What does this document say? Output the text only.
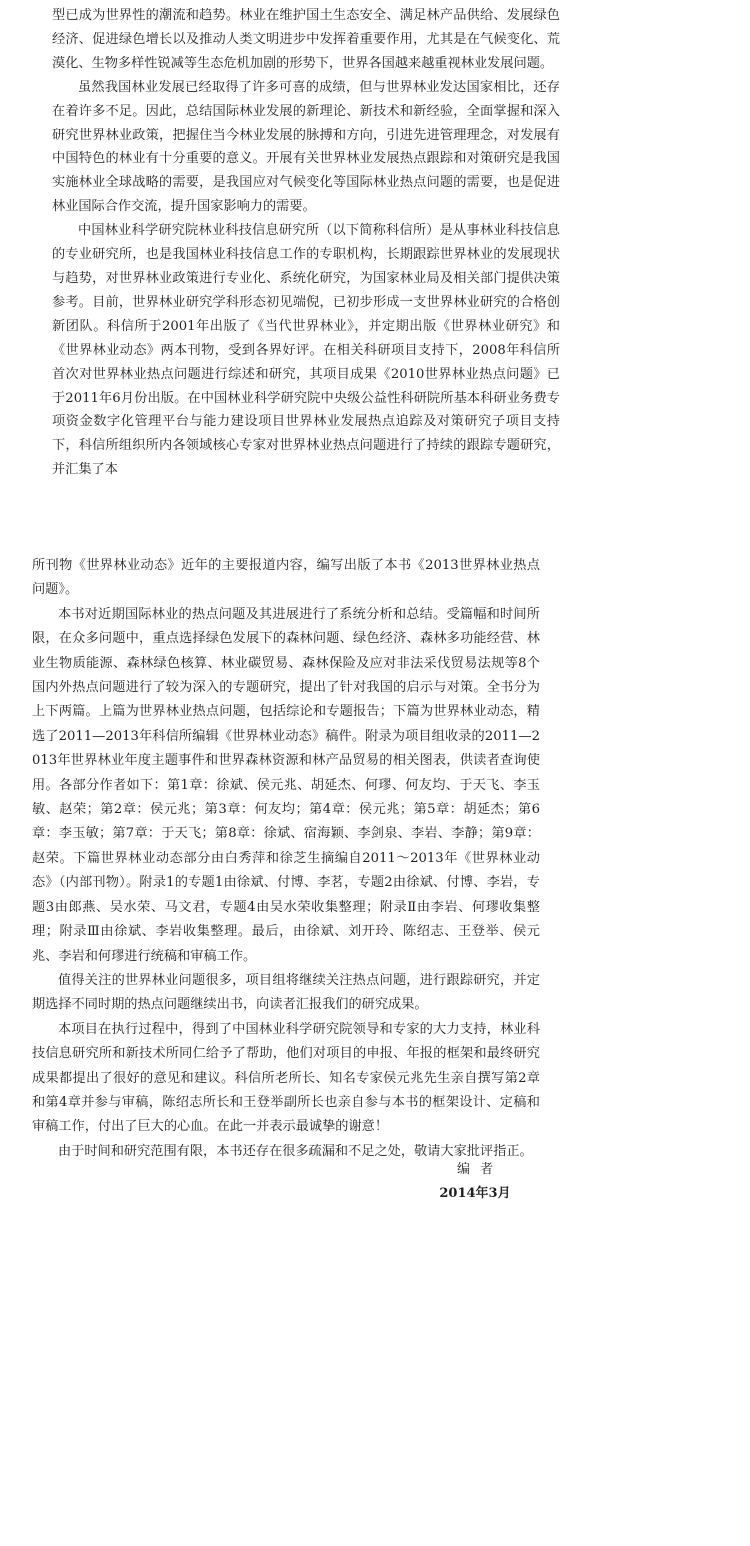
型已成为世界性的潮流和趋势。林业在维护国土生态安全、满足林产品供给、发展绿色经济、促进绿色增长以及推动人类文明进步中发挥着重要作用，尤其是在气候变化、荒漠化、生物多样性锐减等生态危机加剧的形势下，世界各国越来越重视林业发展问题。

虽然我国林业发展已经取得了许多可喜的成绩，但与世界林业发达国家相比，还存在着许多不足。因此，总结国际林业发展的新理论、新技术和新经验，全面掌握和深入研究世界林业政策，把握住当今林业发展的脉搏和方向，引进先进管理理念，对发展有中国特色的林业有十分重要的意义。开展有关世界林业发展热点跟踪和对策研究是我国实施林业全球战略的需要，是我国应对气候变化等国际林业热点问题的需要，也是促进林业国际合作交流，提升国家影响力的需要。

中国林业科学研究院林业科技信息研究所（以下简称科信所）是从事林业科技信息的专业研究所，也是我国林业科技信息工作的专职机构，长期跟踪世界林业的发展现状与趋势，对世界林业政策进行专业化、系统化研究，为国家林业局及相关部门提供决策参考。目前，世界林业研究学科形态初见端倪，已初步形成一支世界林业研究的合格创新团队。科信所于2001年出版了《当代世界林业》，并定期出版《世界林业研究》和《世界林业动态》两本刊物，受到各界好评。在相关科研项目支持下，2008年科信所首次对世界林业热点问题进行综述和研究，其项目成果《2010世界林业热点问题》已于2011年6月份出版。在中国林业科学研究院中央级公益性科研院所基本科研业务费专项资金数字化管理平台与能力建设项目世界林业发展热点追踪及对策研究子项目支持下，科信所组织所内各领域核心专家对世界林业热点问题进行了持续的跟踪专题研究，并汇集了本

所刊物《世界林业动态》近年的主要报道内容，编写出版了本书《2013世界林业热点问题》。

本书对近期国际林业的热点问题及其进展进行了系统分析和总结。受篇幅和时间所限，在众多问题中，重点选择绿色发展下的森林问题、绿色经济、森林多功能经营、林业生物质能源、森林绿色核算、林业碳贸易、森林保险及应对非法采伐贸易法规等8个国内外热点问题进行了较为深入的专题研究，提出了针对我国的启示与对策。全书分为上下两篇。上篇为世界林业热点问题，包括综论和专题报告；下篇为世界林业动态，精选了2011—2013年科信所编辑《世界林业动态》稿件。附录为项目组收录的2011—2013年世界林业年度主题事件和世界森林资源和林产品贸易的相关图表，供读者查询使用。各部分作者如下：第1章：徐斌、侯元兆、胡延杰、何璆、何友均、于天飞、李玉敏、赵荣；第2章：侯元兆；第3章：何友均；第4章：侯元兆；第5章：胡延杰；第6章：李玉敏；第7章：于天飞；第8章：徐斌、宿海颖、李剑泉、李岩、李静；第9章：赵荣。下篇世界林业动态部分由白秀萍和徐芝生摘编自2011～2013年《世界林业动态》（内部刊物）。附录1的专题1由徐斌、付博、李茗，专题2由徐斌、付博、李岩，专题3由郎燕、吴水荣、马文君，专题4由吴水荣收集整理；附录Ⅱ由李岩、何璆收集整理；附录Ⅲ由徐斌、李岩收集整理。最后，由徐斌、刘开玲、陈绍志、王登举、侯元兆、李岩和何璆进行统稿和审稿工作。

值得关注的世界林业问题很多，项目组将继续关注热点问题，进行跟踪研究，并定期选择不同时期的热点问题继续出书，向读者汇报我们的研究成果。

本项目在执行过程中，得到了中国林业科学研究院领导和专家的大力支持，林业科技信息研究所和新技术所同仁给予了帮助，他们对项目的申报、年报的框架和最终研究成果都提出了很好的意见和建议。科信所老所长、知名专家侯元兆先生亲自撰写第2章和第4章并参与审稿，陈绍志所长和王登举副所长也亲自参与本书的框架设计、定稿和审稿工作，付出了巨大的心血。在此一并表示最诚挚的谢意！

由于时间和研究范围有限，本书还存在很多疏漏和不足之处，敬请大家批评指正。

编者
2014年3月
